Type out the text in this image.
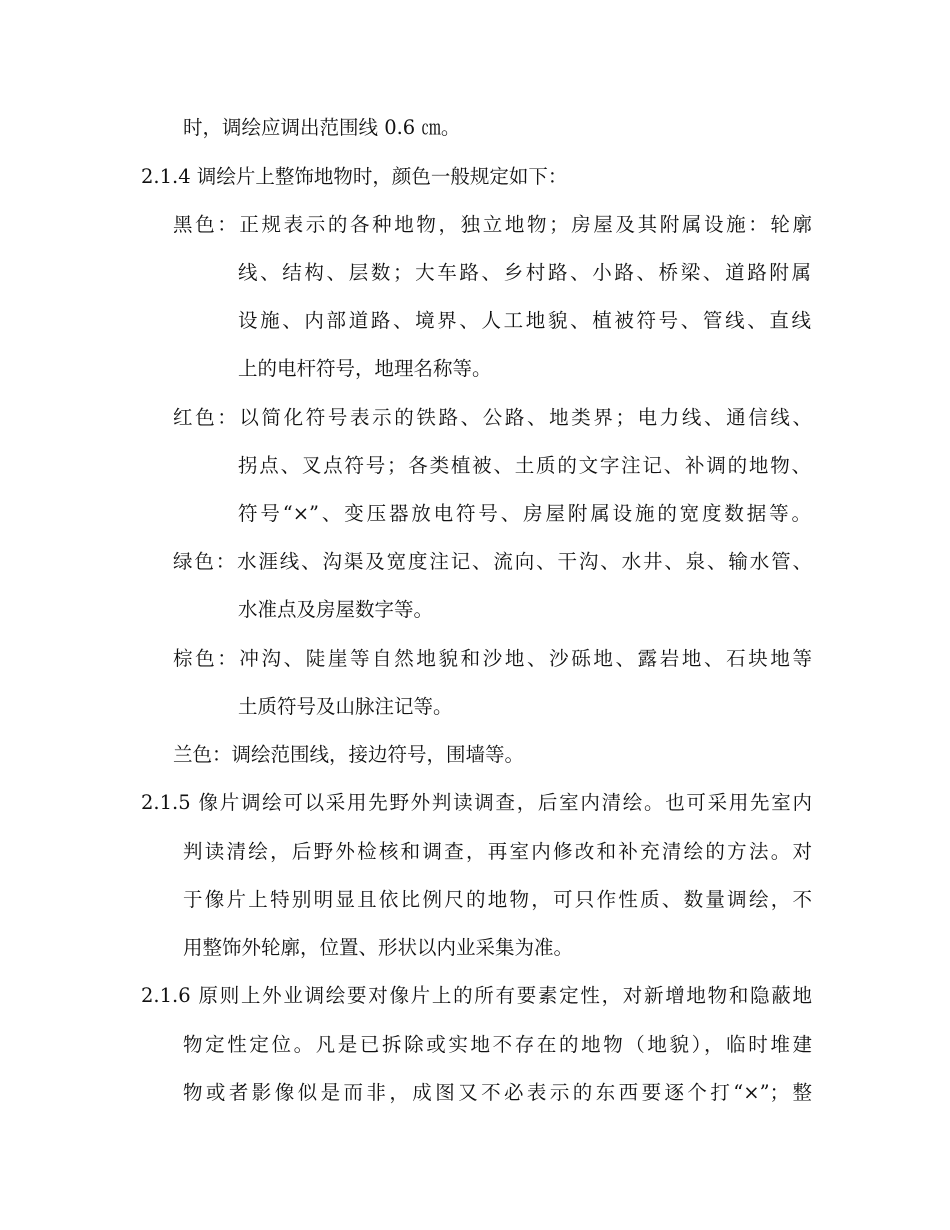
时，调绘应调出范围线 0.6 ㎝。
2.1.4 调绘片上整饰地物时，颜色一般规定如下：
黑色：正规表示的各种地物，独立地物；房屋及其附属设施：轮廓
线、结构、层数；大车路、乡村路、小路、桥梁、道路附属
设施、内部道路、境界、人工地貌、植被符号、管线、直线
上的电杆符号，地理名称等。
红色：以简化符号表示的铁路、公路、地类界；电力线、通信线、
拐点、叉点符号；各类植被、土质的文字注记、补调的地物、
符号“×”、变压器放电符号、房屋附属设施的宽度数据等。
绿色：水涯线、沟渠及宽度注记、流向、干沟、水井、泉、输水管、
水准点及房屋数字等。
棕色：冲沟、陡崖等自然地貌和沙地、沙砾地、露岩地、石块地等
土质符号及山脉注记等。
兰色：调绘范围线，接边符号，围墙等。
2.1.5 像片调绘可以采用先野外判读调查，后室内清绘。也可采用先室内
判读清绘，后野外检核和调查，再室内修改和补充清绘的方法。对
于像片上特别明显且依比例尺的地物，可只作性质、数量调绘，不
用整饰外轮廓，位置、形状以内业采集为准。
2.1.6 原则上外业调绘要对像片上的所有要素定性，对新增地物和隐蔽地
物定性定位。凡是已拆除或实地不存在的地物（地貌），临时堆建
物或者影像似是而非，成图又不必表示的东西要逐个打“×”；整
